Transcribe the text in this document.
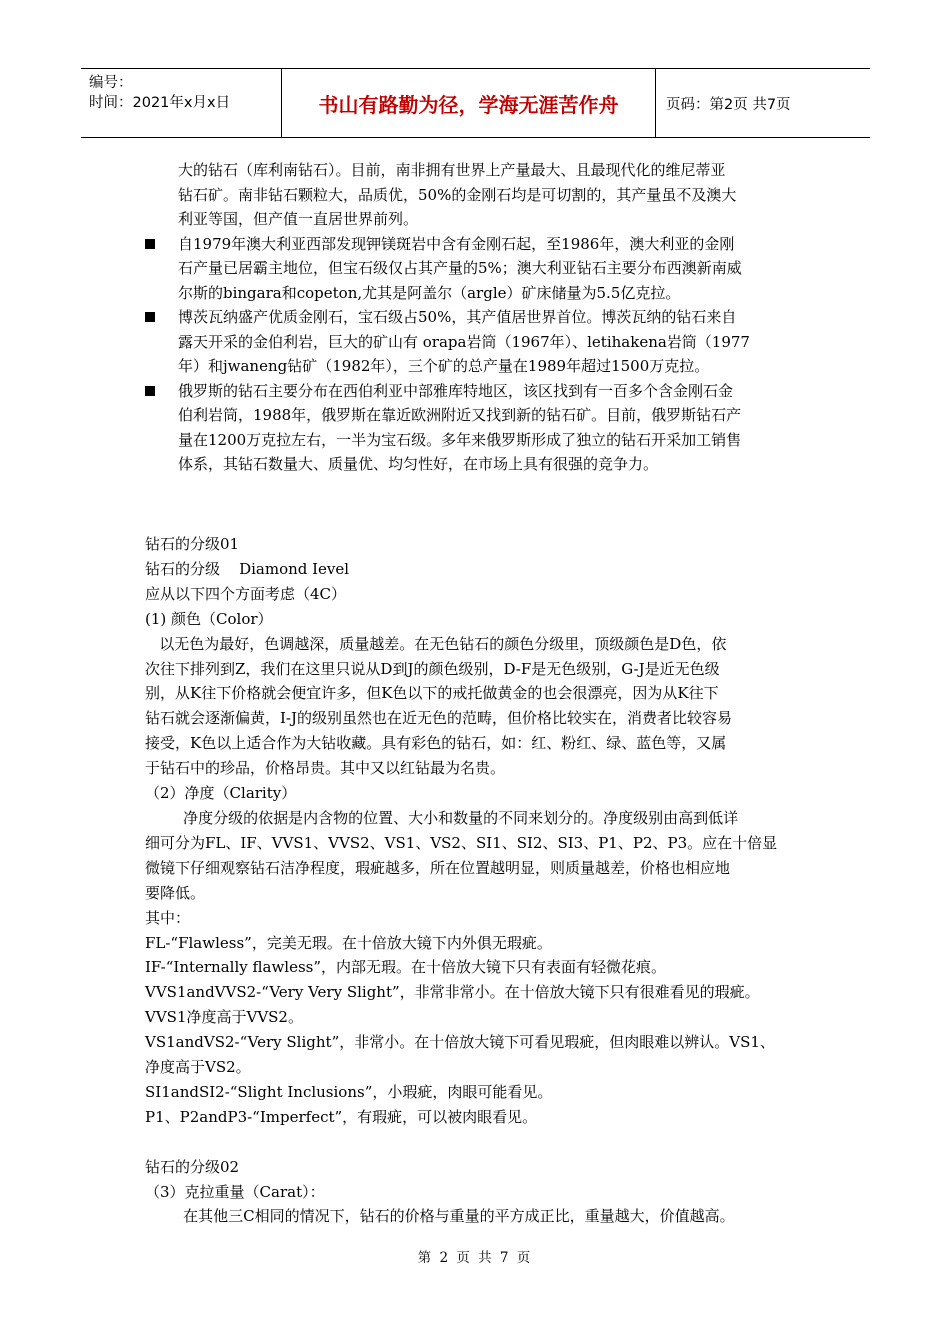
编号：
时间：2021年x月x日	书山有路勤为径，学海无涯苦作舟	页码：第2页 共7页
大的钻石（库利南钻石）。目前，南非拥有世界上产量最大、且最现代化的维尼蒂亚
钻石矿。南非钻石颗粒大，品质优，50%的金刚石均是可切割的，其产量虽不及澳大
利亚等国，但产值一直居世界前列。
自1979年澳大利亚西部发现钾镁斑岩中含有金刚石起，至1986年，澳大利亚的金刚
石产量已居霸主地位，但宝石级仅占其产量的5%；澳大利亚钻石主要分布西澳新南威
尔斯的bingara和copeton,尤其是阿盖尔（argle）矿床储量为5.5亿克拉。
博茨瓦纳盛产优质金刚石，宝石级占50%，其产值居世界首位。博茨瓦纳的钻石来自
露天开采的金伯利岩，巨大的矿山有 orapa岩筒（1967年）、letihakena岩筒（1977
年）和jwaneng钻矿（1982年），三个矿的总产量在1989年超过1500万克拉。
俄罗斯的钻石主要分布在西伯利亚中部雅库特地区，该区找到有一百多个含金刚石金
伯利岩筒，1988年，俄罗斯在靠近欧洲附近又找到新的钻石矿。目前，俄罗斯钻石产
量在1200万克拉左右，一半为宝石级。多年来俄罗斯形成了独立的钻石开采加工销售
体系，其钻石数量大、质量优、均匀性好，在市场上具有很强的竞争力。
钻石的分级01
钻石的分级    Diamond Ievel
应从以下四个方面考虑（4C）
(1) 颜色（Color）
以无色为最好，色调越深，质量越差。在无色钻石的颜色分级里，顶级颜色是D色，依
次往下排列到Z，我们在这里只说从D到J的颜色级别，D-F是无色级别，G-J是近无色级
别，从K往下价格就会便宜许多，但K色以下的戒托做黄金的也会很漂亮，因为从K往下
钻石就会逐渐偏黄，I-J的级别虽然也在近无色的范畴，但价格比较实在，消费者比较容易
接受，K色以上适合作为大钻收藏。具有彩色的钻石，如：红、粉红、绿、蓝色等，又属
于钻石中的珍品，价格昂贵。其中又以红钻最为名贵。
（2）净度（Clarity）
净度分级的依据是内含物的位置、大小和数量的不同来划分的。净度级别由高到低详
细可分为FL、IF、VVS1、VVS2、VS1、VS2、SI1、SI2、SI3、P1、P2、P3。应在十倍显
微镜下仔细观察钻石洁净程度，瑕疵越多，所在位置越明显，则质量越差，价格也相应地
要降低。
其中：
FL-“Flawless”，完美无瑕。在十倍放大镜下内外俱无瑕疵。
IF-“Internally flawless”，内部无瑕。在十倍放大镜下只有表面有轻微花痕。
VVS1andVVS2-“Very Very Slight”，非常非常小。在十倍放大镜下只有很难看见的瑕疵。
VVS1净度高于VVS2。
VS1andVS2-“Very Slight”，非常小。在十倍放大镜下可看见瑕疵，但肉眼难以辨认。VS1、
净度高于VS2。
SI1andSI2-“Slight Inclusions”，小瑕疵，肉眼可能看见。
P1、P2andP3-“Imperfect”，有瑕疵，可以被肉眼看见。
钻石的分级02
（3）克拉重量（Carat）：
在其他三C相同的情况下，钻石的价格与重量的平方成正比，重量越大，价值越高。
第 2 页 共 7 页
